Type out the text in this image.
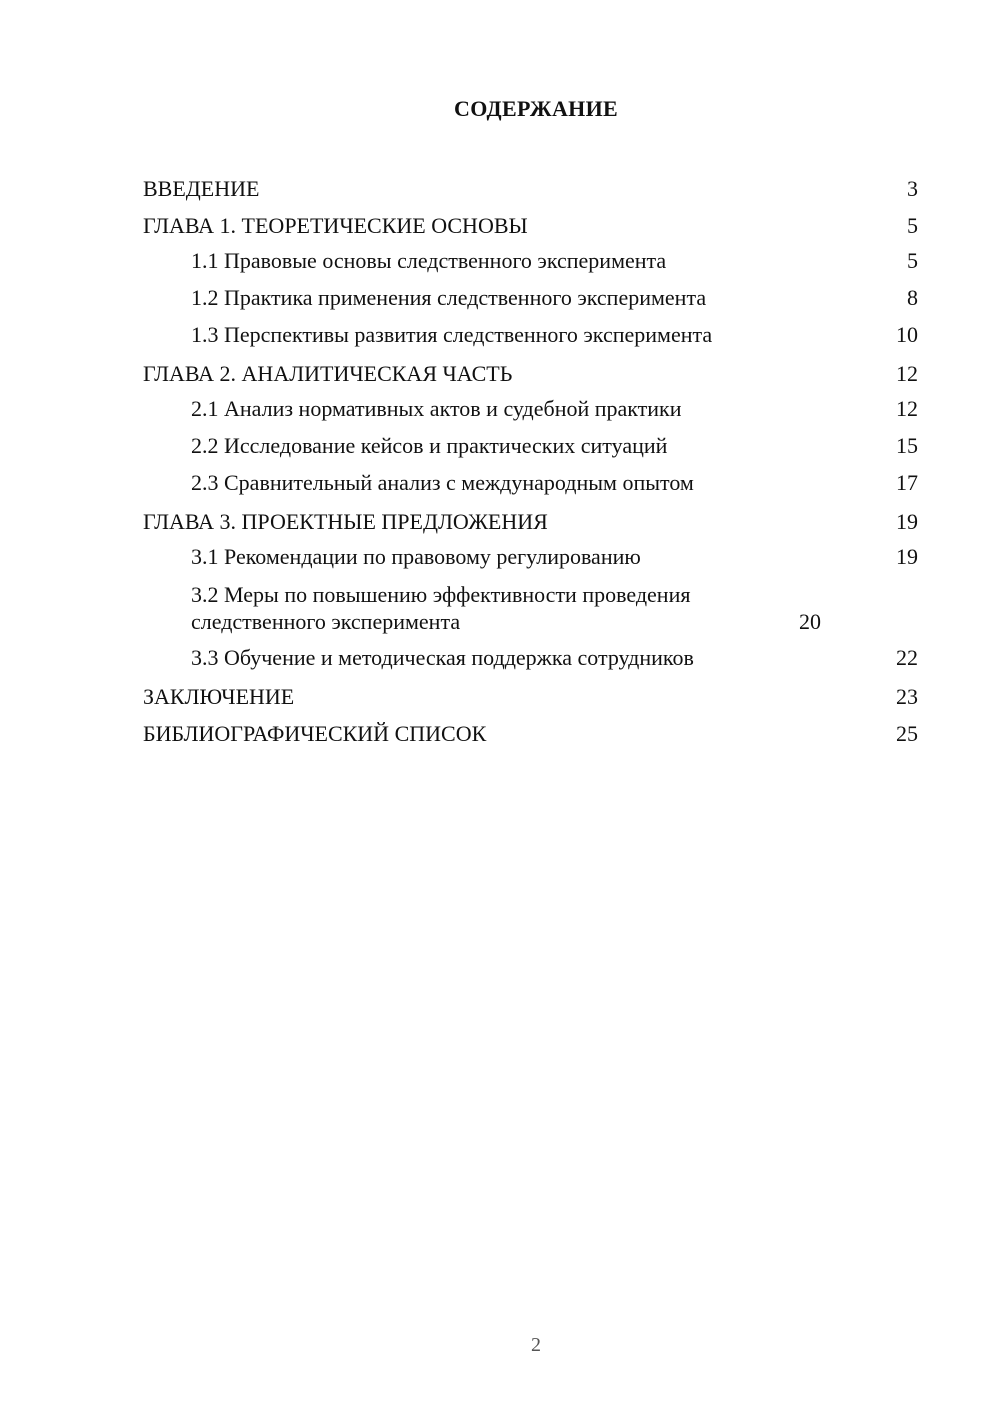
СОДЕРЖАНИЕ
ВВЕДЕНИЕ	3
ГЛАВА 1. ТЕОРЕТИЧЕСКИЕ ОСНОВЫ	5
1.1 Правовые основы следственного эксперимента	5
1.2 Практика применения следственного эксперимента	8
1.3 Перспективы развития следственного эксперимента	10
ГЛАВА 2. АНАЛИТИЧЕСКАЯ ЧАСТЬ	12
2.1 Анализ нормативных актов и судебной практики	12
2.2 Исследование кейсов и практических ситуаций	15
2.3 Сравнительный анализ с международным опытом	17
ГЛАВА 3. ПРОЕКТНЫЕ ПРЕДЛОЖЕНИЯ	19
3.1 Рекомендации по правовому регулированию	19
3.2 Меры по повышению эффективности проведения следственного эксперимента	20
3.3 Обучение и методическая поддержка сотрудников	22
ЗАКЛЮЧЕНИЕ	23
БИБЛИОГРАФИЧЕСКИЙ СПИСОК	25
2
